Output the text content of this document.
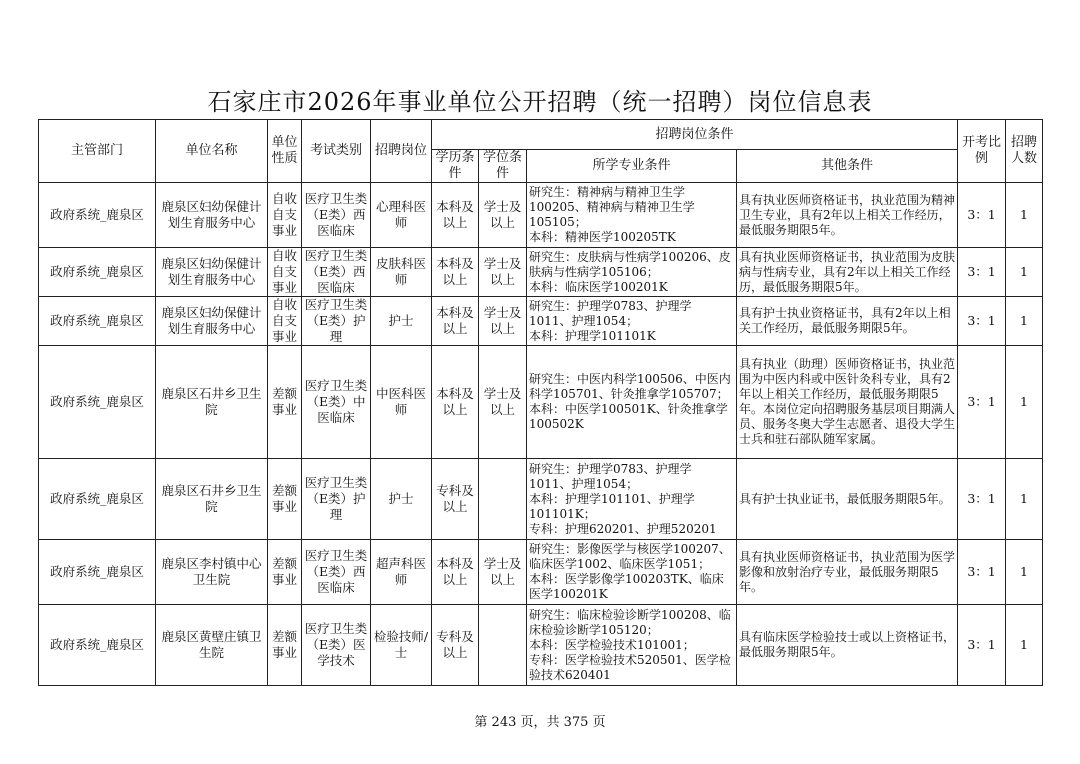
石家庄市2026年事业单位公开招聘（统一招聘）岗位信息表
主管部门	单位名称	单位性质	考试类别	招聘岗位	招聘岗位条件				开考比例	招聘人数
					学历条件	学位条件	所学专业条件	其他条件		
政府系统_鹿泉区	鹿泉区妇幼保健计划生育服务中心	自收自支事业	医疗卫生类（E类）西医临床	心理科医师	本科及以上	学士及以上	研究生：精神病与精神卫生学100205、精神病与精神卫生学105105；
本科：精神医学100205TK	具有执业医师资格证书，执业范围为精神卫生专业，具有2年以上相关工作经历，最低服务期限5年。	3：1	1
政府系统_鹿泉区	鹿泉区妇幼保健计划生育服务中心	自收自支事业	医疗卫生类（E类）西医临床	皮肤科医师	本科及以上	学士及以上	研究生：皮肤病与性病学100206、皮肤病与性病学105106；
本科：临床医学100201K	具有执业医师资格证书，执业范围为皮肤病与性病专业，具有2年以上相关工作经历，最低服务期限5年。	3：1	1
政府系统_鹿泉区	鹿泉区妇幼保健计划生育服务中心	自收自支事业	医疗卫生类（E类）护理	护士	本科及以上	学士及以上	研究生：护理学0783、护理学1011、护理1054；
本科：护理学101101K	具有护士执业资格证书，具有2年以上相关工作经历，最低服务期限5年。	3：1	1
政府系统_鹿泉区	鹿泉区石井乡卫生院	差额事业	医疗卫生类（E类）中医临床	中医科医师	本科及以上	学士及以上	研究生：中医内科学100506、中医内科学105701、针灸推拿学105707；
本科：中医学100501K、针灸推拿学100502K	具有执业（助理）医师资格证书，执业范围为中医内科或中医针灸科专业，具有2年以上相关工作经历，最低服务期限5年。本岗位定向招聘服务基层项目期满人员、服务冬奥大学生志愿者、退役大学生士兵和驻石部队随军家属。	3：1	1
政府系统_鹿泉区	鹿泉区石井乡卫生院	差额事业	医疗卫生类（E类）护理	护士	专科及以上		研究生：护理学0783、护理学1011、护理1054；
本科：护理学101101、护理学101101K；
专科：护理620201、护理520201	具有护士执业证书，最低服务期限5年。	3：1	1
政府系统_鹿泉区	鹿泉区李村镇中心卫生院	差额事业	医疗卫生类（E类）西医临床	超声科医师	本科及以上	学士及以上	研究生：影像医学与核医学100207、临床医学1002、临床医学1051；
本科：医学影像学100203TK、临床医学100201K	具有执业医师资格证书，执业范围为医学影像和放射治疗专业，最低服务期限5年。	3：1	1
政府系统_鹿泉区	鹿泉区黄壁庄镇卫生院	差额事业	医疗卫生类（E类）医学技术	检验技师/士	专科及以上		研究生：临床检验诊断学100208、临床检验诊断学105120；
本科：医学检验技术101001；
专科：医学检验技术520501、医学检验技术620401	具有临床医学检验技士或以上资格证书，最低服务期限5年。	3：1	1
第 243 页，共 375 页
